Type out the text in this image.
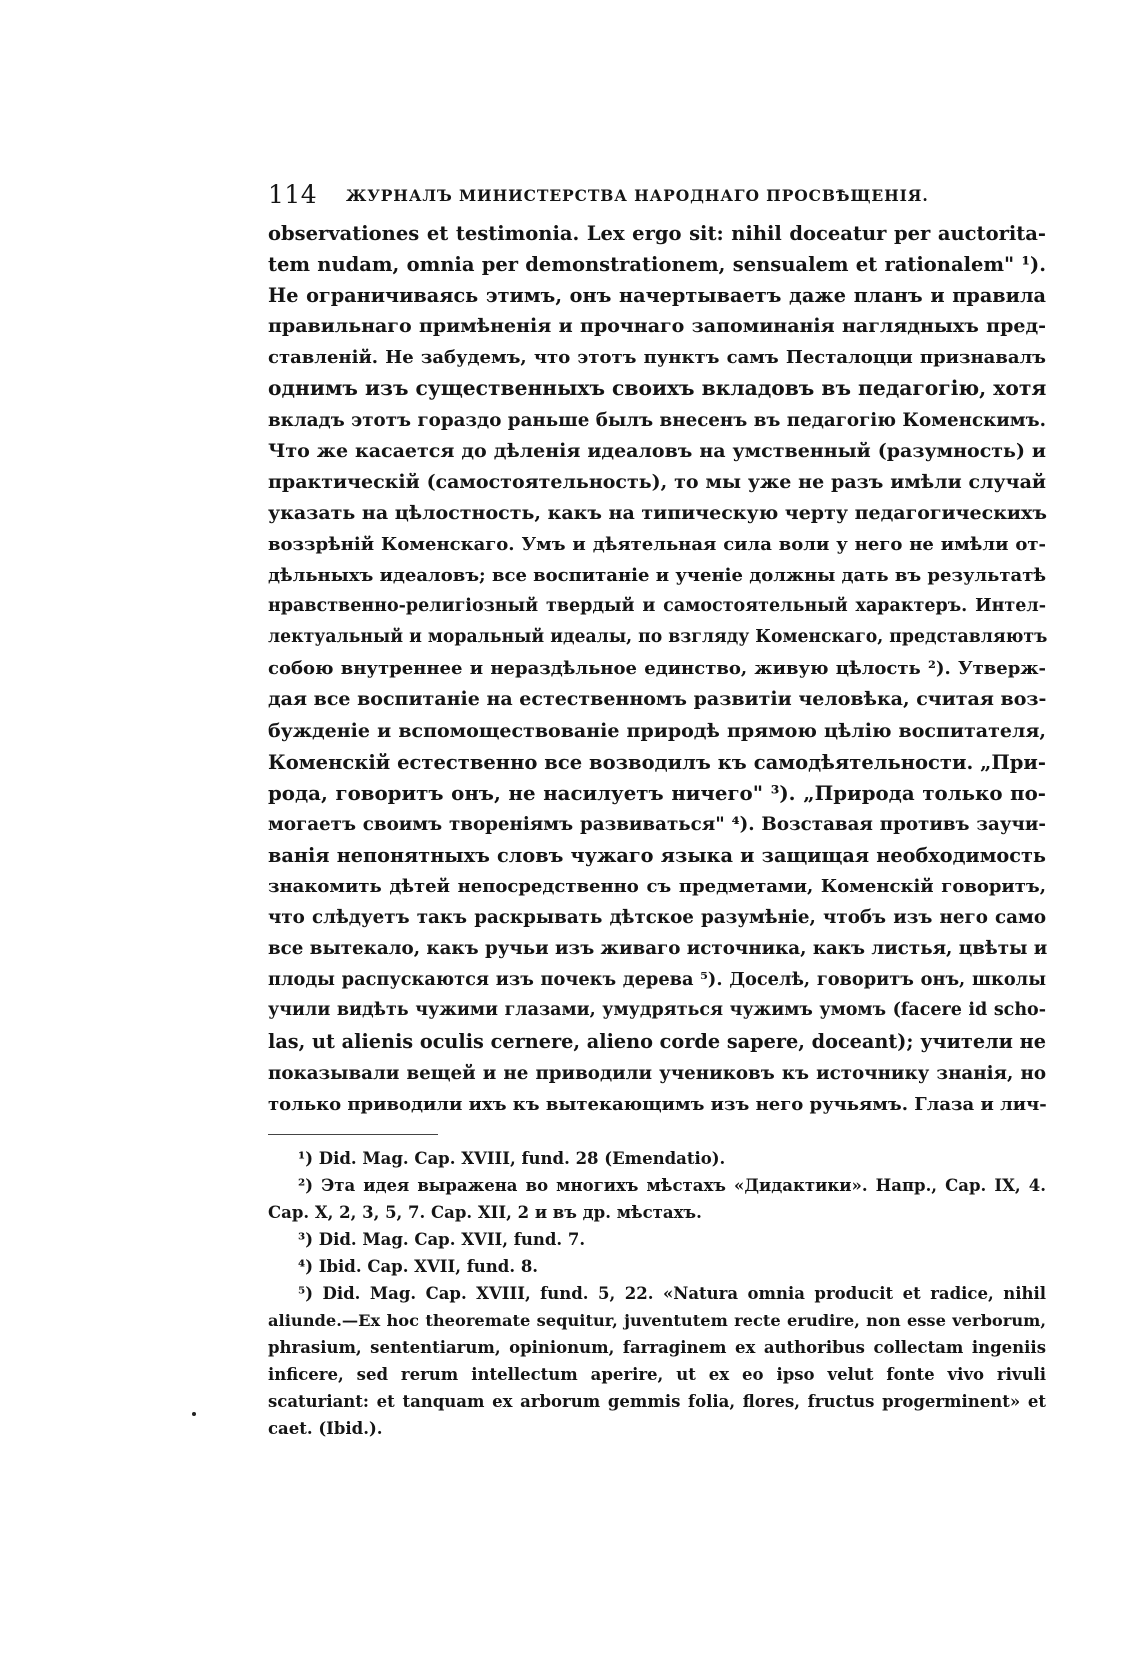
114 ЖУРНАЛЪ МИНИСТЕРСТВА НАРОДНАГО ПРОСВѢЩЕНІЯ.
observationes et testimonia. Lex ergo sit: nihil doceatur per auctorita-
tem nudam, omnia per demonstrationem, sensualem et rationalem" ¹).
Не ограничиваясь этимъ, онъ начертываетъ даже планъ и правила
правильнаго примѣненія и прочнаго запоминанія наглядныхъ пред-
ставленій. Не забудемъ, что этотъ пунктъ самъ Песталоцци признавалъ
однимъ изъ существенныхъ своихъ вкладовъ въ педагогію, хотя
вкладъ этотъ гораздо раньше былъ внесенъ въ педагогію Коменскимъ.
Что же касается до дѣленія идеаловъ на умственный (разумность) и
практическій (самостоятельность), то мы уже не разъ имѣли случай
указать на цѣлостность, какъ на типическую черту педагогическихъ
воззрѣній Коменскаго. Умъ и дѣятельная сила воли у него не имѣли от-
дѣльныхъ идеаловъ; все воспитаніе и ученіе должны дать въ результатѣ
нравственно-религіозный твердый и самостоятельный характеръ. Интел-
лектуальный и моральный идеалы, по взгляду Коменскаго, представляютъ
собою внутреннее и нераздѣльное единство, живую цѣлость ²). Утверж-
дая все воспитаніе на естественномъ развитіи человѣка, считая воз-
бужденіе и вспомоществованіе природѣ прямою цѣлію воспитателя,
Коменскій естественно все возводилъ къ самодѣятельности. „При-
рода, говоритъ онъ, не насилуетъ ничего" ³). „Природа только по-
могаетъ своимъ твореніямъ развиваться" ⁴). Возставая противъ заучи-
ванія непонятныхъ словъ чужаго языка и защищая необходимость
знакомить дѣтей непосредственно съ предметами, Коменскій говоритъ,
что слѣдуетъ такъ раскрывать дѣтское разумѣніе, чтобъ изъ него само
все вытекало, какъ ручьи изъ живаго источника, какъ листья, цвѣты и
плоды распускаются изъ почекъ дерева ⁵). Доселѣ, говоритъ онъ, школы
учили видѣть чужими глазами, умудряться чужимъ умомъ (facere id scho-
las, ut alienis oculis cernere, alieno corde sapere, doceant); учители не
показывали вещей и не приводили учениковъ къ источнику знанія, но
только приводили ихъ къ вытекающимъ изъ него ручьямъ. Глаза и лич-
¹) Did. Mag. Cap. XVIII, fund. 28 (Emendatio).
²) Эта идея выражена во многихъ мѣстахъ «Дидактики». Напр., Cap. IX, 4.
Cap. X, 2, 3, 5, 7. Cap. XII, 2 и въ др. мѣстахъ.
³) Did. Mag. Cap. XVII, fund. 7.
⁴) Ibid. Cap. XVII, fund. 8.
⁵) Did. Mag. Cap. XVIII, fund. 5, 22. «Natura omnia producit et radice, nihil
aliunde.—Ex hoc theoremate sequitur, juventutem recte erudire, non esse verborum,
phrasium, sententiarum, opinionum, farraginem ex authoribus collectam ingeniis
inficere, sed rerum intellectum aperire, ut ex eo ipso velut fonte vivo rivuli
scaturiant: et tanquam ex arborum gemmis folia, flores, fructus progerminent» et
caet. (Ibid.).
